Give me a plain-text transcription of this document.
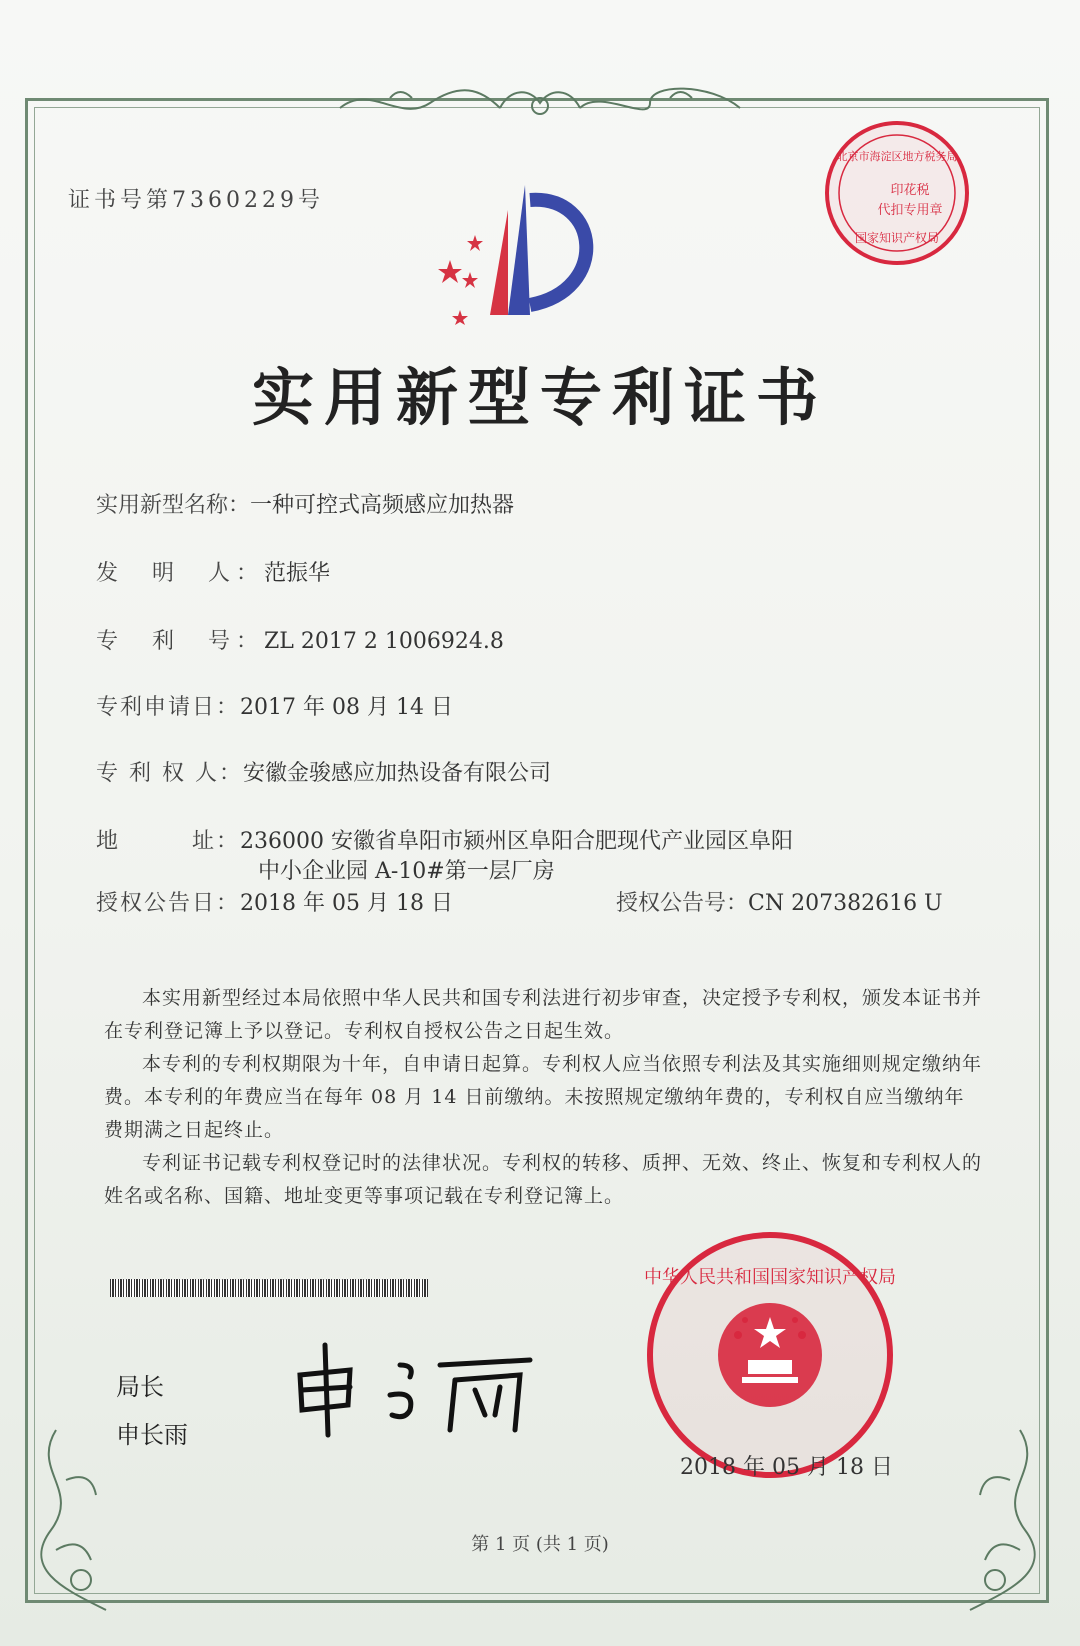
证书号第7360229号
北京市海淀区地方税务局
印花税
代扣专用章
国家知识产权局
实用新型专利证书
实用新型名称：一种可控式高频感应加热器
发　明　人：范振华
专　利　号：ZL 2017 2 1006924.8
专利申请日：2017 年 08 月 14 日
专 利 权 人：安徽金骏感应加热设备有限公司
地　　　址：236000 安徽省阜阳市颍州区阜阳合肥现代产业园区阜阳
中小企业园 A-10#第一层厂房
授权公告日：2018 年 05 月 18 日	授权公告号：CN 207382616 U

本实用新型经过本局依照中华人民共和国专利法进行初步审查，决定授予专利权，颁发本证书并在专利登记簿上予以登记。专利权自授权公告之日起生效。

本专利的专利权期限为十年，自申请日起算。专利权人应当依照专利法及其实施细则规定缴纳年费。本专利的年费应当在每年 08 月 14 日前缴纳。未按照规定缴纳年费的，专利权自应当缴纳年费期满之日起终止。

专利证书记载专利权登记时的法律状况。专利权的转移、质押、无效、终止、恢复和专利权人的姓名或名称、国籍、地址变更等事项记载在专利登记簿上。

局长
申长雨
中华人民共和国国家知识产权局
2018 年 05 月 18 日
第 1 页 (共 1 页)
